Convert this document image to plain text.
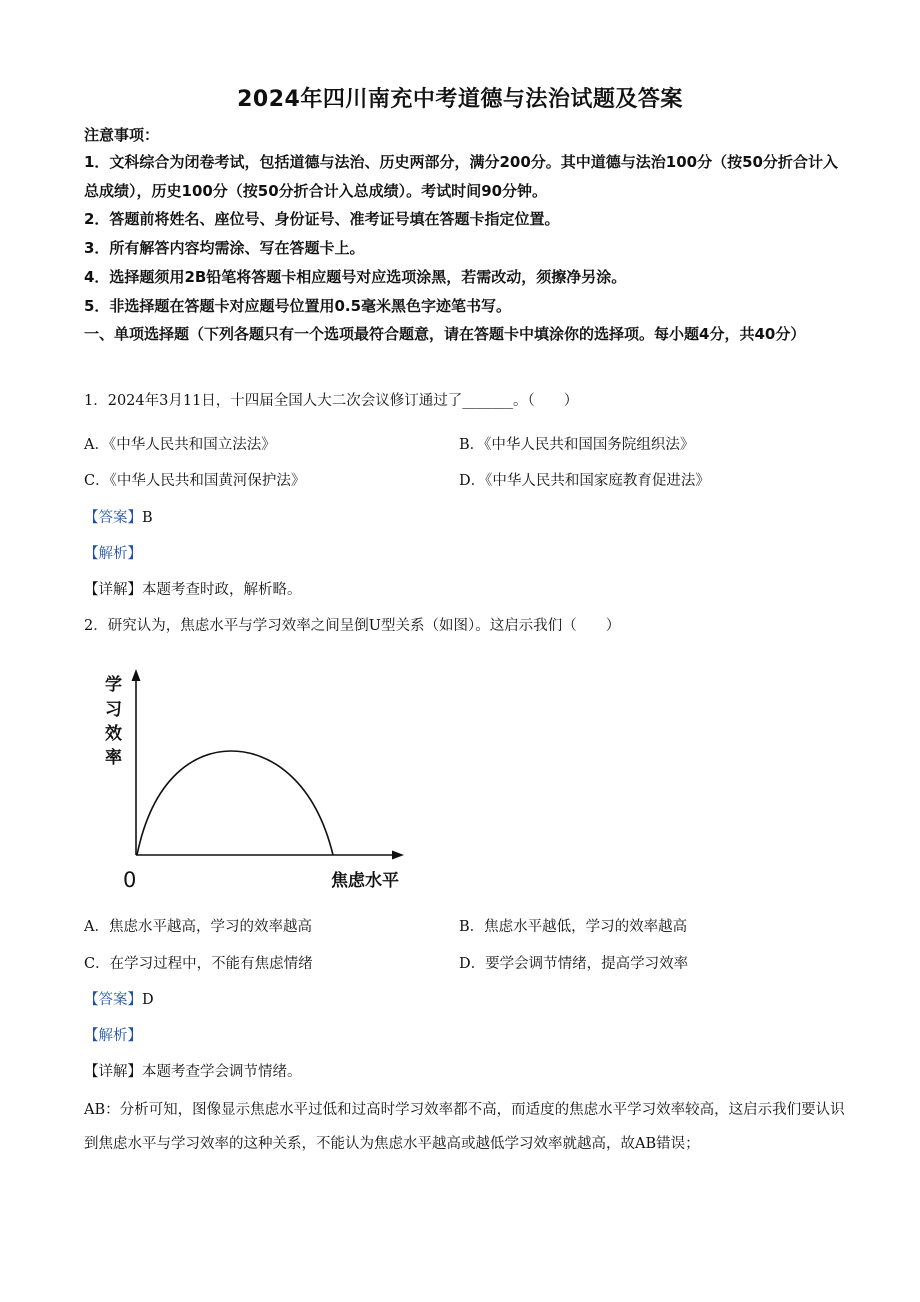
2024年四川南充中考道德与法治试题及答案
注意事项：
1．文科综合为闭卷考试，包括道德与法治、历史两部分，满分200分。其中道德与法治100分（按50分折合计入总成绩），历史100分（按50分折合计入总成绩）。考试时间90分钟。
2．答题前将姓名、座位号、身份证号、准考证号填在答题卡指定位置。
3．所有解答内容均需涂、写在答题卡上。
4．选择题须用2B铅笔将答题卡相应题号对应选项涂黑，若需改动，须擦净另涂。
5．非选择题在答题卡对应题号位置用0.5毫米黑色字迹笔书写。
一、单项选择题（下列各题只有一个选项最符合题意，请在答题卡中填涂你的选择项。每小题4分，共40分）
1．2024年3月11日，十四届全国人大二次会议修订通过了_______。（　　）
A．《中华人民共和国立法法》	B．《中华人民共和国国务院组织法》
C．《中华人民共和国黄河保护法》	D．《中华人民共和国家庭教育促进法》
【答案】B
【解析】
【详解】本题考查时政，解析略。
2．研究认为，焦虑水平与学习效率之间呈倒U型关系（如图）。这启示我们（　　）
学
习
效
率
0	焦虑水平
A．焦虑水平越高，学习的效率越高	B．焦虑水平越低，学习的效率越高
C．在学习过程中，不能有焦虑情绪	D．要学会调节情绪，提高学习效率
【答案】D
【解析】
【详解】本题考查学会调节情绪。
AB：分析可知，图像显示焦虑水平过低和过高时学习效率都不高，而适度的焦虑水平学习效率较高，这启示我们要认识到焦虑水平与学习效率的这种关系，不能认为焦虑水平越高或越低学习效率就越高，故AB错误；
